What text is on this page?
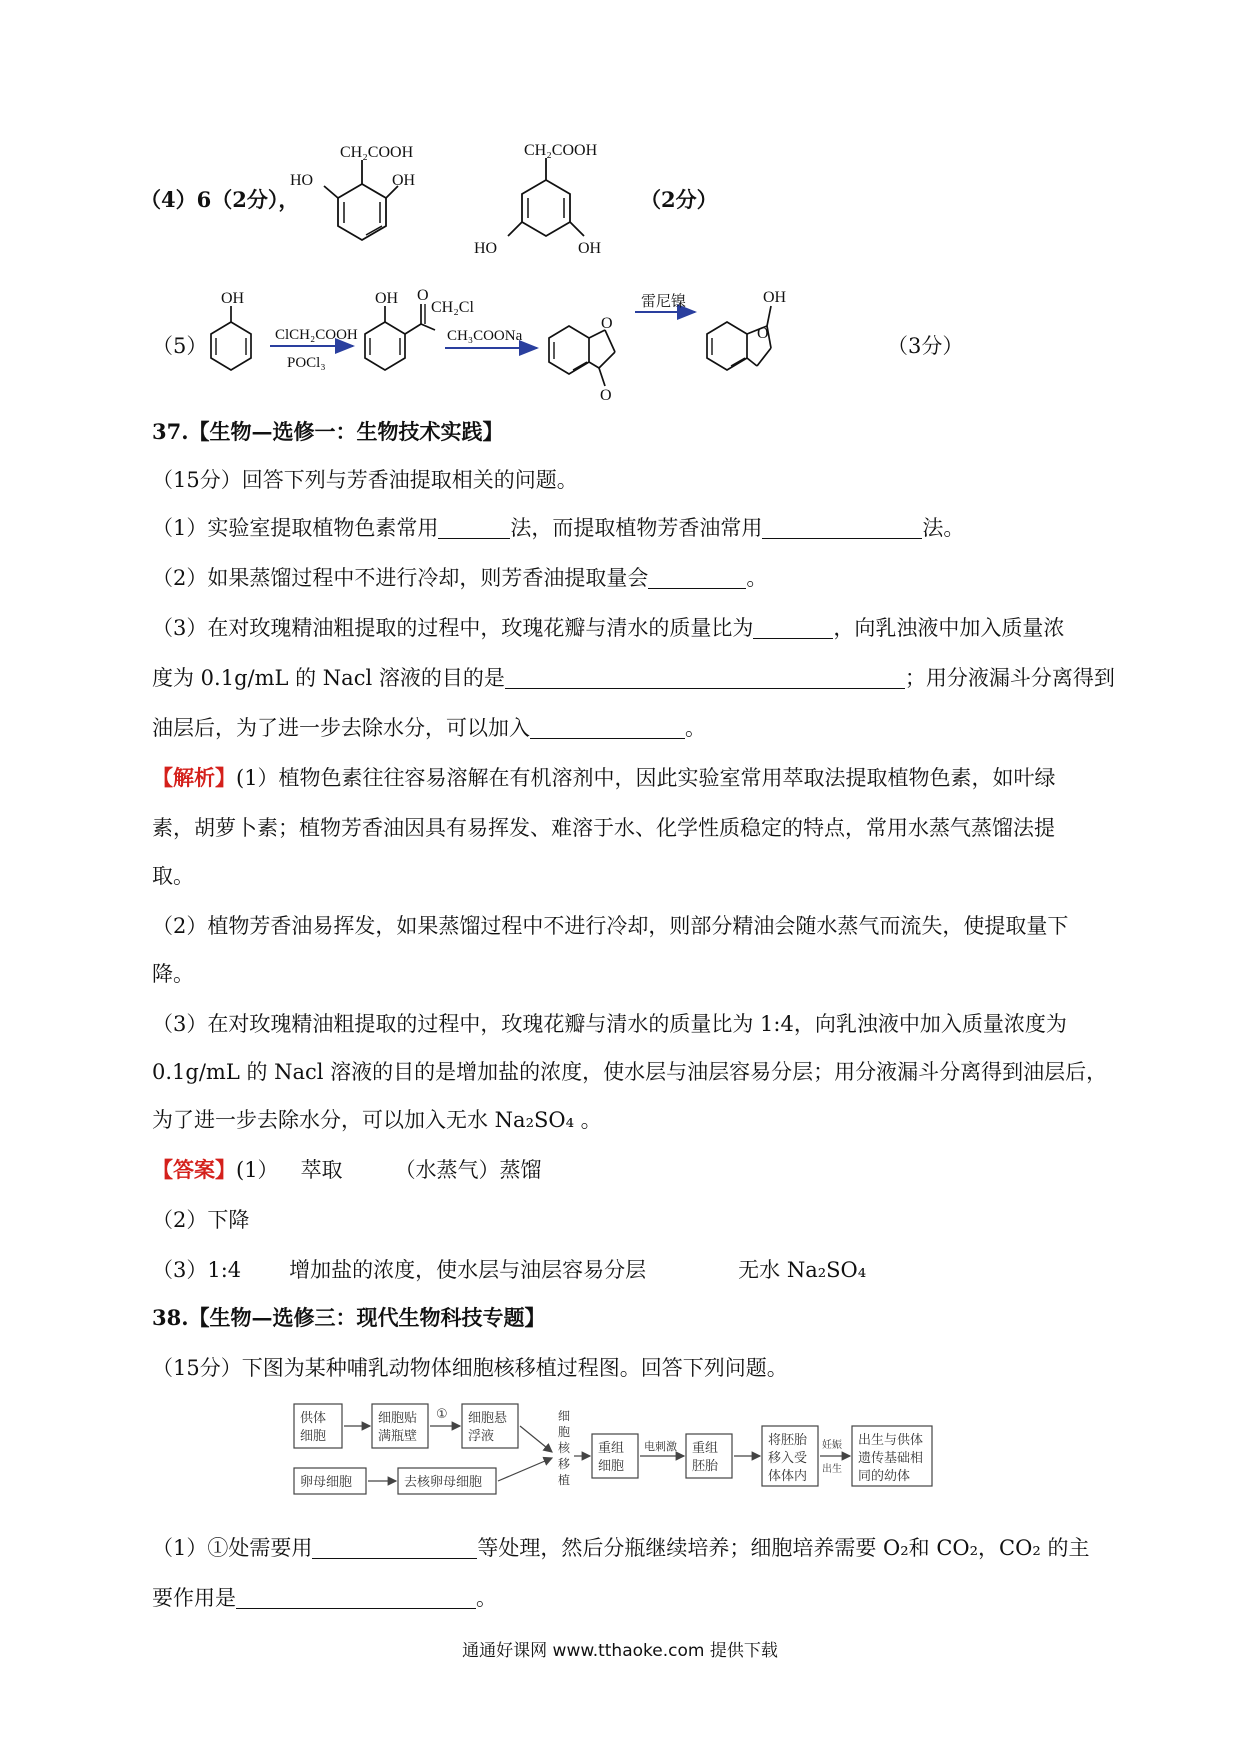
（4）6（2分），
CH₂COOH
HO	OH
CH₂COOH
HO	OH
（2分）
（5）
OH
ClCH₂COOH
POCl₃
OH O
CH₂Cl
CH₃COONa
O
O
雷尼镍	OH
O
（3分）
37.【生物—选修一：生物技术实践】
（15分）回答下列与芳香油提取相关的问题。
（1）实验室提取植物色素常用	法，而提取植物芳香油常用	法。
（2）如果蒸馏过程中不进行冷却，则芳香油提取量会	。
（3）在对玫瑰精油粗提取的过程中，玫瑰花瓣与清水的质量比为	，向乳浊液中加入质量浓
度为 0.1g/mL 的 Nacl 溶液的目的是	；用分液漏斗分离得到
油层后，为了进一步去除水分，可以加入	。
【解析】(1）植物色素往往容易溶解在有机溶剂中，因此实验室常用萃取法提取植物色素，如叶绿
素，胡萝卜素；植物芳香油因具有易挥发、难溶于水、化学性质稳定的特点，常用水蒸气蒸馏法提
取。
（2）植物芳香油易挥发，如果蒸馏过程中不进行冷却，则部分精油会随水蒸气而流失，使提取量下
降。
（3）在对玫瑰精油粗提取的过程中，玫瑰花瓣与清水的质量比为 1:4，向乳浊液中加入质量浓度为
0.1g/mL 的 Nacl 溶液的目的是增加盐的浓度，使水层与油层容易分层；用分液漏斗分离得到油层后，
为了进一步去除水分，可以加入无水 Na₂SO₄ 。
【答案】(1） 萃取 （水蒸气）蒸馏
（2）下降
（3）1:4 增加盐的浓度，使水层与油层容易分层	无水 Na₂SO₄
38.【生物—选修三：现代生物科技专题】
（15分）下图为某种哺乳动物体细胞核移植过程图。回答下列问题。
供体
细胞
细胞贴
满瓶壁
① 细胞悬
浮液
卵母细胞	去核卵母细胞
细
胞
核
移
植
重组
细胞
电刺激 重组
胚胎
将胚胎
移入受
体体内
妊娠
出生
出生与供体
遗传基础相
同的幼体
（1）①处需要用	等处理，然后分瓶继续培养；细胞培养需要 O₂和 CO₂，CO₂ 的主
要作用是	。
通通好课网 www.tthaoke.com 提供下载
